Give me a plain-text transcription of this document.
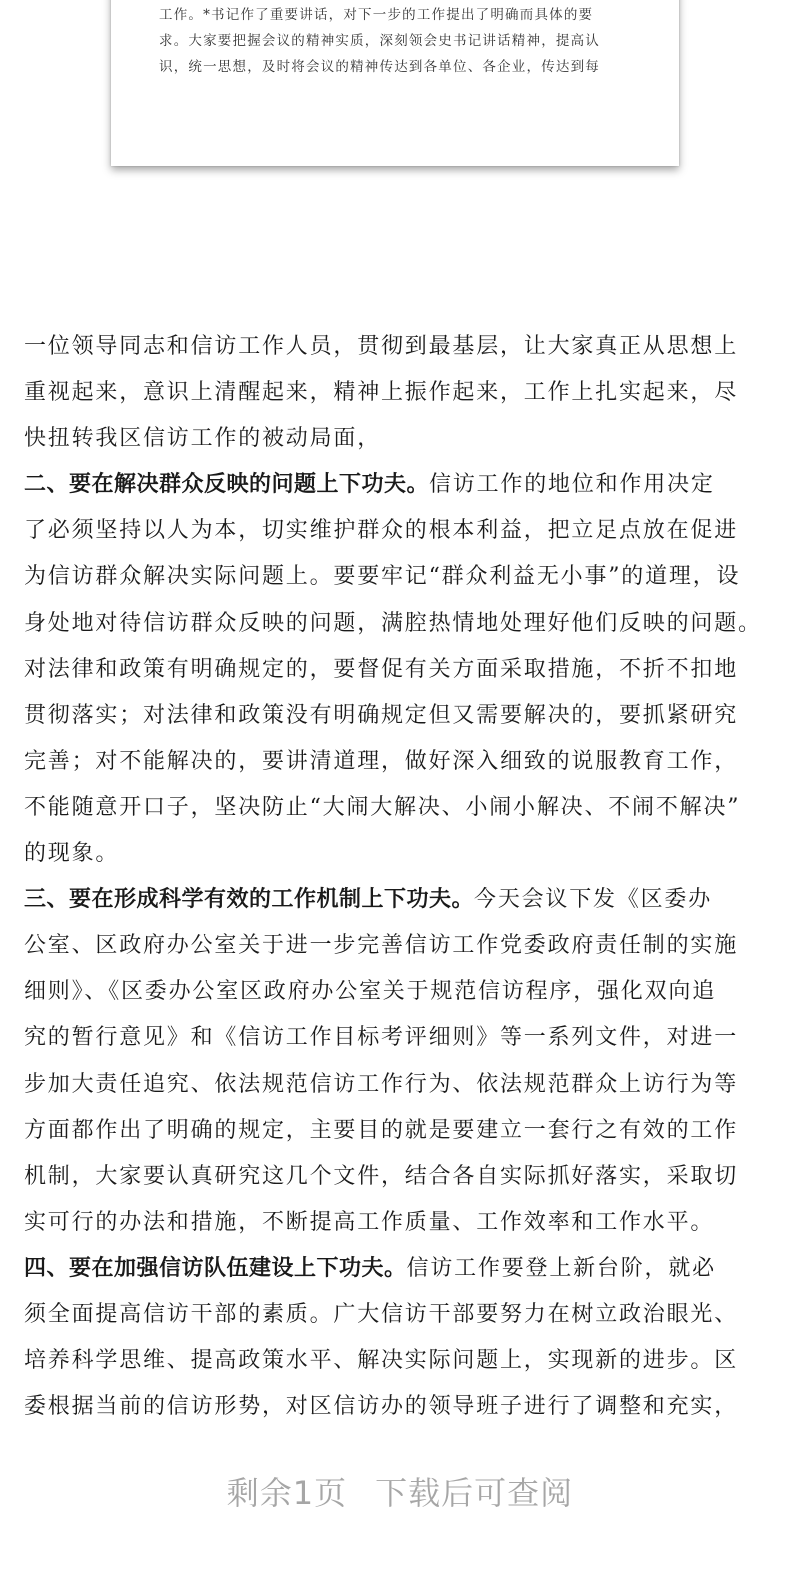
工作。*书记作了重要讲话，对下一步的工作提出了明确而具体的要
求。大家要把握会议的精神实质，深刻领会史书记讲话精神，提高认
识，统一思想，及时将会议的精神传达到各单位、各企业，传达到每
一位领导同志和信访工作人员，贯彻到最基层，让大家真正从思想上
重视起来，意识上清醒起来，精神上振作起来，工作上扎实起来，尽
快扭转我区信访工作的被动局面，
二、要在解决群众反映的问题上下功夫。信访工作的地位和作用决定
了必须坚持以人为本，切实维护群众的根本利益，把立足点放在促进
为信访群众解决实际问题上。要要牢记“群众利益无小事”的道理，设
身处地对待信访群众反映的问题，满腔热情地处理好他们反映的问题。
对法律和政策有明确规定的，要督促有关方面采取措施，不折不扣地
贯彻落实；对法律和政策没有明确规定但又需要解决的，要抓紧研究
完善；对不能解决的，要讲清道理，做好深入细致的说服教育工作，
不能随意开口子，坚决防止“大闹大解决、小闹小解决、不闹不解决”
的现象。
三、要在形成科学有效的工作机制上下功夫。今天会议下发《区委办
公室、区政府办公室关于进一步完善信访工作党委政府责任制的实施
细则》、《区委办公室区政府办公室关于规范信访程序，强化双向追
究的暂行意见》和《信访工作目标考评细则》等一系列文件，对进一
步加大责任追究、依法规范信访工作行为、依法规范群众上访行为等
方面都作出了明确的规定，主要目的就是要建立一套行之有效的工作
机制，大家要认真研究这几个文件，结合各自实际抓好落实，采取切
实可行的办法和措施，不断提高工作质量、工作效率和工作水平。
四、要在加强信访队伍建设上下功夫。信访工作要登上新台阶，就必
须全面提高信访干部的素质。广大信访干部要努力在树立政治眼光、
培养科学思维、提高政策水平、解决实际问题上，实现新的进步。区
委根据当前的信访形势，对区信访办的领导班子进行了调整和充实，
剩余1页 下载后可查阅
